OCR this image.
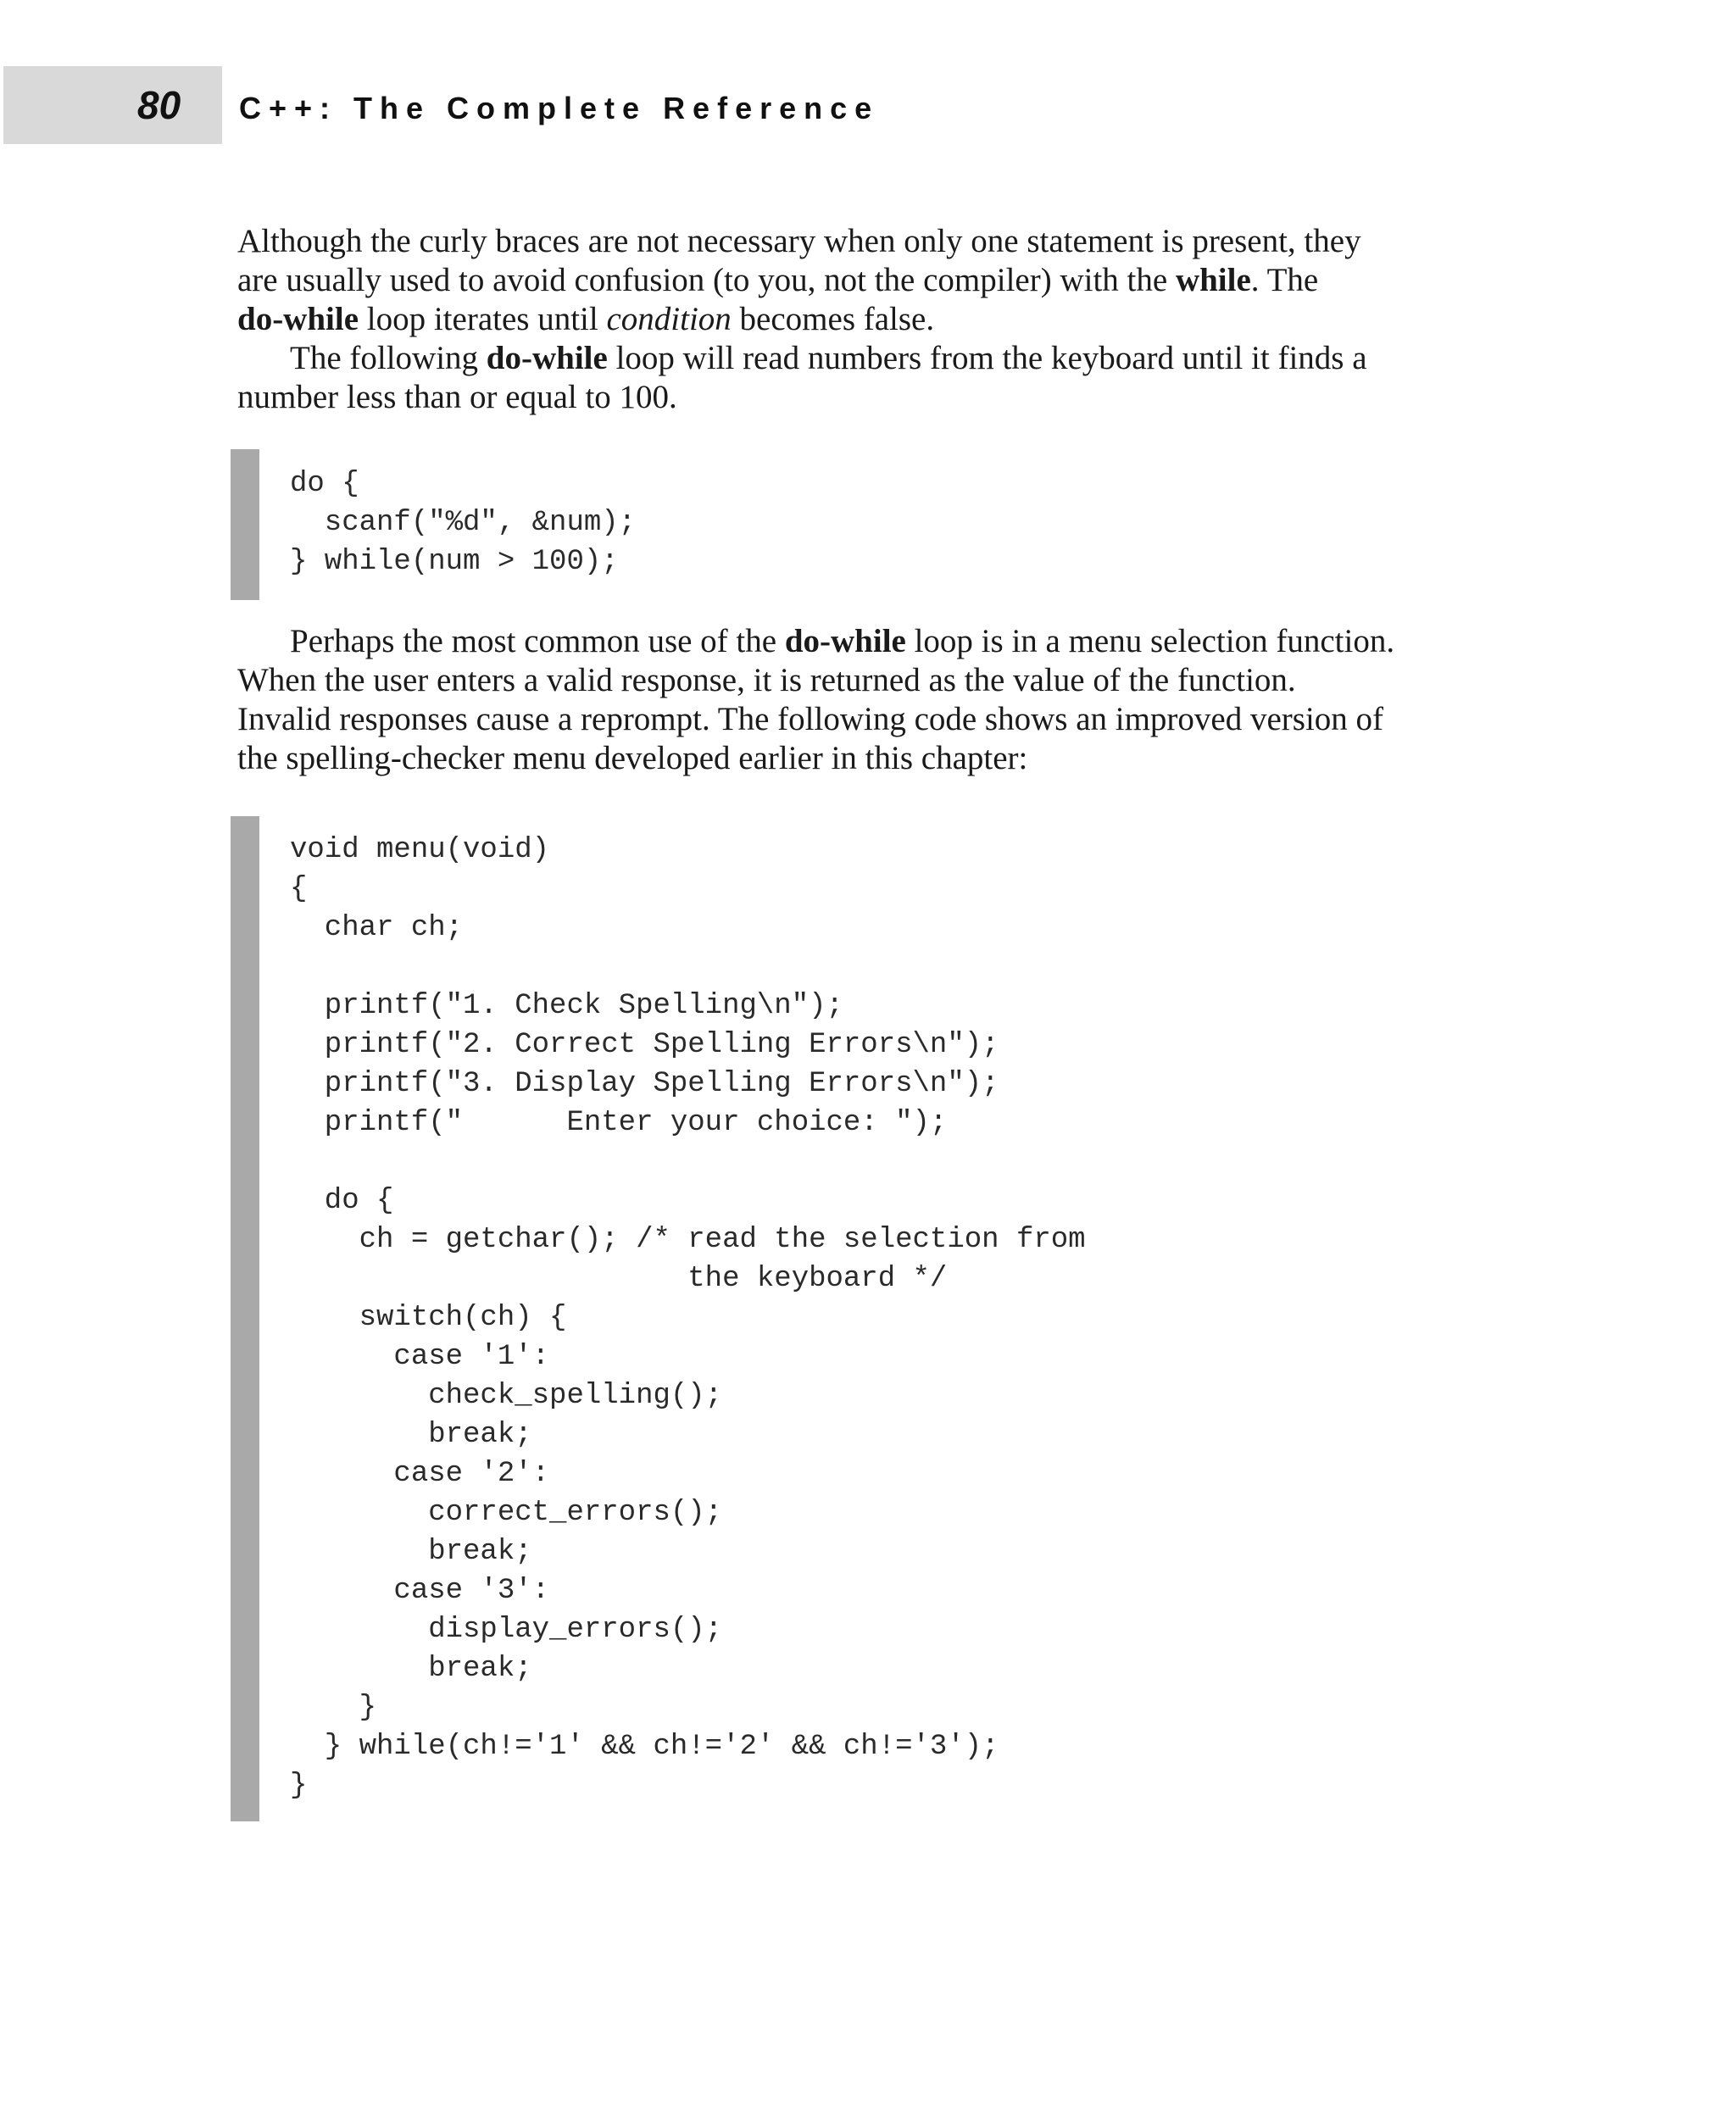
80 C++: The Complete Reference

Although the curly braces are not necessary when only one statement is present, they
are usually used to avoid confusion (to you, not the compiler) with the while. The
do-while loop iterates until condition becomes false.

The following do-while loop will read numbers from the keyboard until it finds a
number less than or equal to 100.

do {
scanf("%d", &num);
} while(num > 100);

Perhaps the most common use of the do-while loop is in a menu selection function.
When the user enters a valid response, it is returned as the value of the function.
Invalid responses cause a reprompt. The following code shows an improved version of
the spelling-checker menu developed earlier in this chapter:

void menu(void)
{
char ch;
printf("1. Check Spelling\n");
printf("2. Correct Spelling Errors\n");
printf("3. Display Spelling Errors\n");
printf("      Enter your choice: ");
do {
ch = getchar(); /* read the selection from
the keyboard */
switch(ch) {
case '1':
check_spelling();
break;
case '2':
correct_errors();
break;
case '3':
display_errors();
break;
}
} while(ch!='1' && ch!='2' && ch!='3');
}
